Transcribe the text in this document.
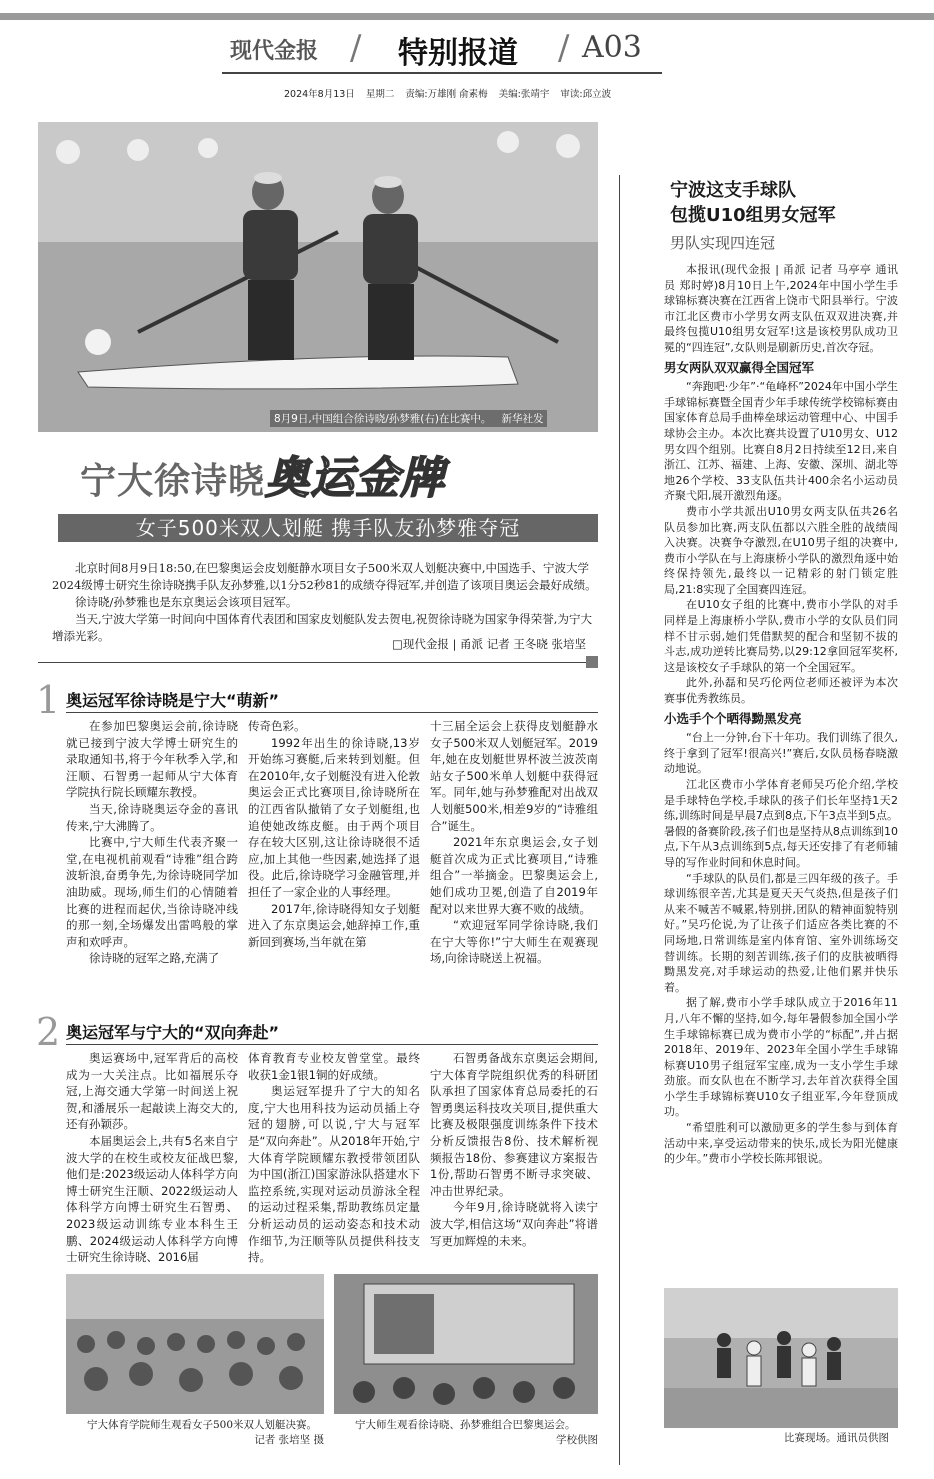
现代金报 / 特别报道 / A03
2024年8月13日 星期二 责编:万雄刚 俞素梅 美编:张靖宇 审读:邱立波
8月9日,中国组合徐诗晓/孙梦雅(右)在比赛中。 新华社发
宁大徐诗晓奥运金牌
女子500米双人划艇 携手队友孙梦雅夺冠

北京时间8月9日18:50,在巴黎奥运会皮划艇静水项目女子500米双人划艇决赛中,中国选手、宁波大学2024级博士研究生徐诗晓携手队友孙梦雅,以1分52秒81的成绩夺得冠军,并创造了该项目奥运会最好成绩。

徐诗晓/孙梦雅也是东京奥运会该项目冠军。

当天,宁波大学第一时间向中国体育代表团和国家皮划艇队发去贺电,祝贺徐诗晓为国家争得荣誉,为宁大增添光彩。

□现代金报 | 甬派 记者 王冬晓 张培坚
1 奥运冠军徐诗晓是宁大“萌新”

在参加巴黎奥运会前,徐诗晓就已接到宁波大学博士研究生的录取通知书,将于今年秋季入学,和汪顺、石智勇一起师从宁大体育学院执行院长顾耀东教授。

当天,徐诗晓奥运夺金的喜讯传来,宁大沸腾了。

比赛中,宁大师生代表齐聚一堂,在电视机前观看“诗雅”组合跨波斩浪,奋勇争先,为徐诗晓同学加油助威。现场,师生们的心情随着比赛的进程而起伏,当徐诗晓冲线的那一刻,全场爆发出雷鸣般的掌声和欢呼声。

徐诗晓的冠军之路,充满了

传奇色彩。

1992年出生的徐诗晓,13岁开始练习赛艇,后来转到划艇。但在2010年,女子划艇没有进入伦敦奥运会正式比赛项目,徐诗晓所在的江西省队撤销了女子划艇组,也追使她改练皮艇。由于两个项目存在较大区别,这让徐诗晓很不适应,加上其他一些因素,她选择了退役。此后,徐诗晓学习金融管理,并担任了一家企业的人事经理。

2017年,徐诗晓得知女子划艇进入了东京奥运会,她辞掉工作,重新回到赛场,当年就在第

十三届全运会上获得皮划艇静水女子500米双人划艇冠军。2019年,她在皮划艇世界杯波兰波茨南站女子500米单人划艇中获得冠军。同年,她与孙梦雅配对出战双人划艇500米,相差9岁的“诗雅组合”诞生。

2021年东京奥运会,女子划艇首次成为正式比赛项目,“诗雅组合”一举摘金。巴黎奥运会上,她们成功卫冕,创造了自2019年配对以来世界大赛不败的战绩。

“欢迎冠军同学徐诗晓,我们在宁大等你!”宁大师生在观赛现场,向徐诗晓送上祝福。

2 奥运冠军与宁大的“双向奔赴”

奥运赛场中,冠军背后的高校成为一大关注点。比如福展乐夺冠,上海交通大学第一时间送上祝贺,和潘展乐一起敲读上海交大的,还有孙颖莎。

本届奥运会上,共有5名来自宁波大学的在校生或校友征战巴黎,他们是:2023级运动人体科学方向博士研究生汪顺、2022级运动人体科学方向博士研究生石智勇、2023级运动训练专业本科生王鹏、2024级运动人体科学方向博士研究生徐诗晓、2016届

体育教育专业校友曾堂堂。最终收获1金1银1铜的好成绩。

奥运冠军提升了宁大的知名度,宁大也用科技为运动员插上夺冠的翅膀,可以说,宁大与冠军是“双向奔赴”。从2018年开始,宁大体育学院顾耀东教授带领团队为中国(浙江)国家游泳队搭建水下监控系统,实现对运动员游泳全程的运动过程采集,帮助教练员定量分析运动员的运动姿态和技术动作细节,为汪顺等队员提供科技支持。

石智勇备战东京奥运会期间,宁大体育学院组织优秀的科研团队承担了国家体育总局委托的石智勇奥运科技攻关项目,提供重大比赛及极限强度训练条件下技术分析反馈报告8份、技术解析视频报告18份、参赛建议方案报告1份,帮助石智勇不断寻求突破、冲击世界纪录。

今年9月,徐诗晓就将入读宁波大学,相信这场“双向奔赴”将谱写更加辉煌的未来。

宁大体育学院师生观看女子500米双人划艇决赛。
记者 张培坚 摄
宁大师生观看徐诗晓、孙梦雅组合巴黎奥运会。
学校供图
宁波这支手球队
包揽U10组男女冠军
男队实现四连冠

本报讯(现代金报 | 甬派 记者 马亭亭 通讯员 郑时婷)8月10日上午,2024年中国小学生手球锦标赛决赛在江西省上饶市弋阳县举行。宁波市江北区费市小学男女两支队伍双双进决赛,并最终包揽U10组男女冠军!这是该校男队成功卫冕的“四连冠”,女队则是刷新历史,首次夺冠。

男女两队双双赢得全国冠军

“奔跑吧·少年”·“龟峰杯”2024年中国小学生手球锦标赛暨全国青少年手球传统学校锦标赛由国家体育总局手曲棒垒球运动管理中心、中国手球协会主办。本次比赛共设置了U10男女、U12男女四个组别。比赛自8月2日持续至12日,来自浙江、江苏、福建、上海、安徽、深圳、湖北等地26个学校、33支队伍共计400余名小运动员齐聚弋阳,展开激烈角逐。

费市小学共派出U10男女两支队伍共26名队员参加比赛,两支队伍都以六胜全胜的战绩闯入决赛。决赛争夺激烈,在U10男子组的决赛中,费市小学队在与上海康桥小学队的激烈角逐中始终保持领先,最终以一记精彩的射门锁定胜局,21:8实现了全国赛四连冠。

在U10女子组的比赛中,费市小学队的对手同样是上海康桥小学队,费市小学的女队员们同样不甘示弱,她们凭借默契的配合和坚韧不拔的斗志,成功逆转比赛局势,以29:12拿回冠军奖杯,这是该校女子手球队的第一个全国冠军。

此外,孙磊和吴巧伦两位老师还被评为本次赛事优秀教练员。

小选手个个晒得黝黑发亮

“台上一分钟,台下十年功。我们训练了很久,终于拿到了冠军!很高兴!”赛后,女队员杨春晓激动地说。

江北区费市小学体育老师吴巧伦介绍,学校是手球特色学校,手球队的孩子们长年坚持1天2练,训练时间是早晨7点到8点,下午3点半到5点。暑假的备赛阶段,孩子们也是坚持从8点训练到10点,下午从3点训练到5点,每天还安排了有老师辅导的写作业时间和休息时间。

“手球队的队员们,都是三四年级的孩子。手球训练很辛苦,尤其是夏天天气炎热,但是孩子们从来不喊苦不喊累,特别拼,团队的精神面貌特别好。”吴巧伦说,为了让孩子们适应各类比赛的不同场地,日常训练是室内体育馆、室外训练场交替训练。长期的刻苦训练,孩子们的皮肤被晒得黝黑发亮,对手球运动的热爱,让他们累并快乐着。

据了解,费市小学手球队成立于2016年11月,八年不懈的坚持,如今,每年暑假参加全国小学生手球锦标赛已成为费市小学的“标配”,并占据2018年、2019年、2023年全国小学生手球锦标赛U10男子组冠军宝座,成为一支小学生手球劲旅。而女队也在不断学习,去年首次获得全国小学生手球锦标赛U10女子组亚军,今年登顶成功。

“希望胜利可以激励更多的学生参与到体育活动中来,享受运动带来的快乐,成长为阳光健康的少年。”费市小学校长陈邦银说。

比赛现场。通讯员供图
